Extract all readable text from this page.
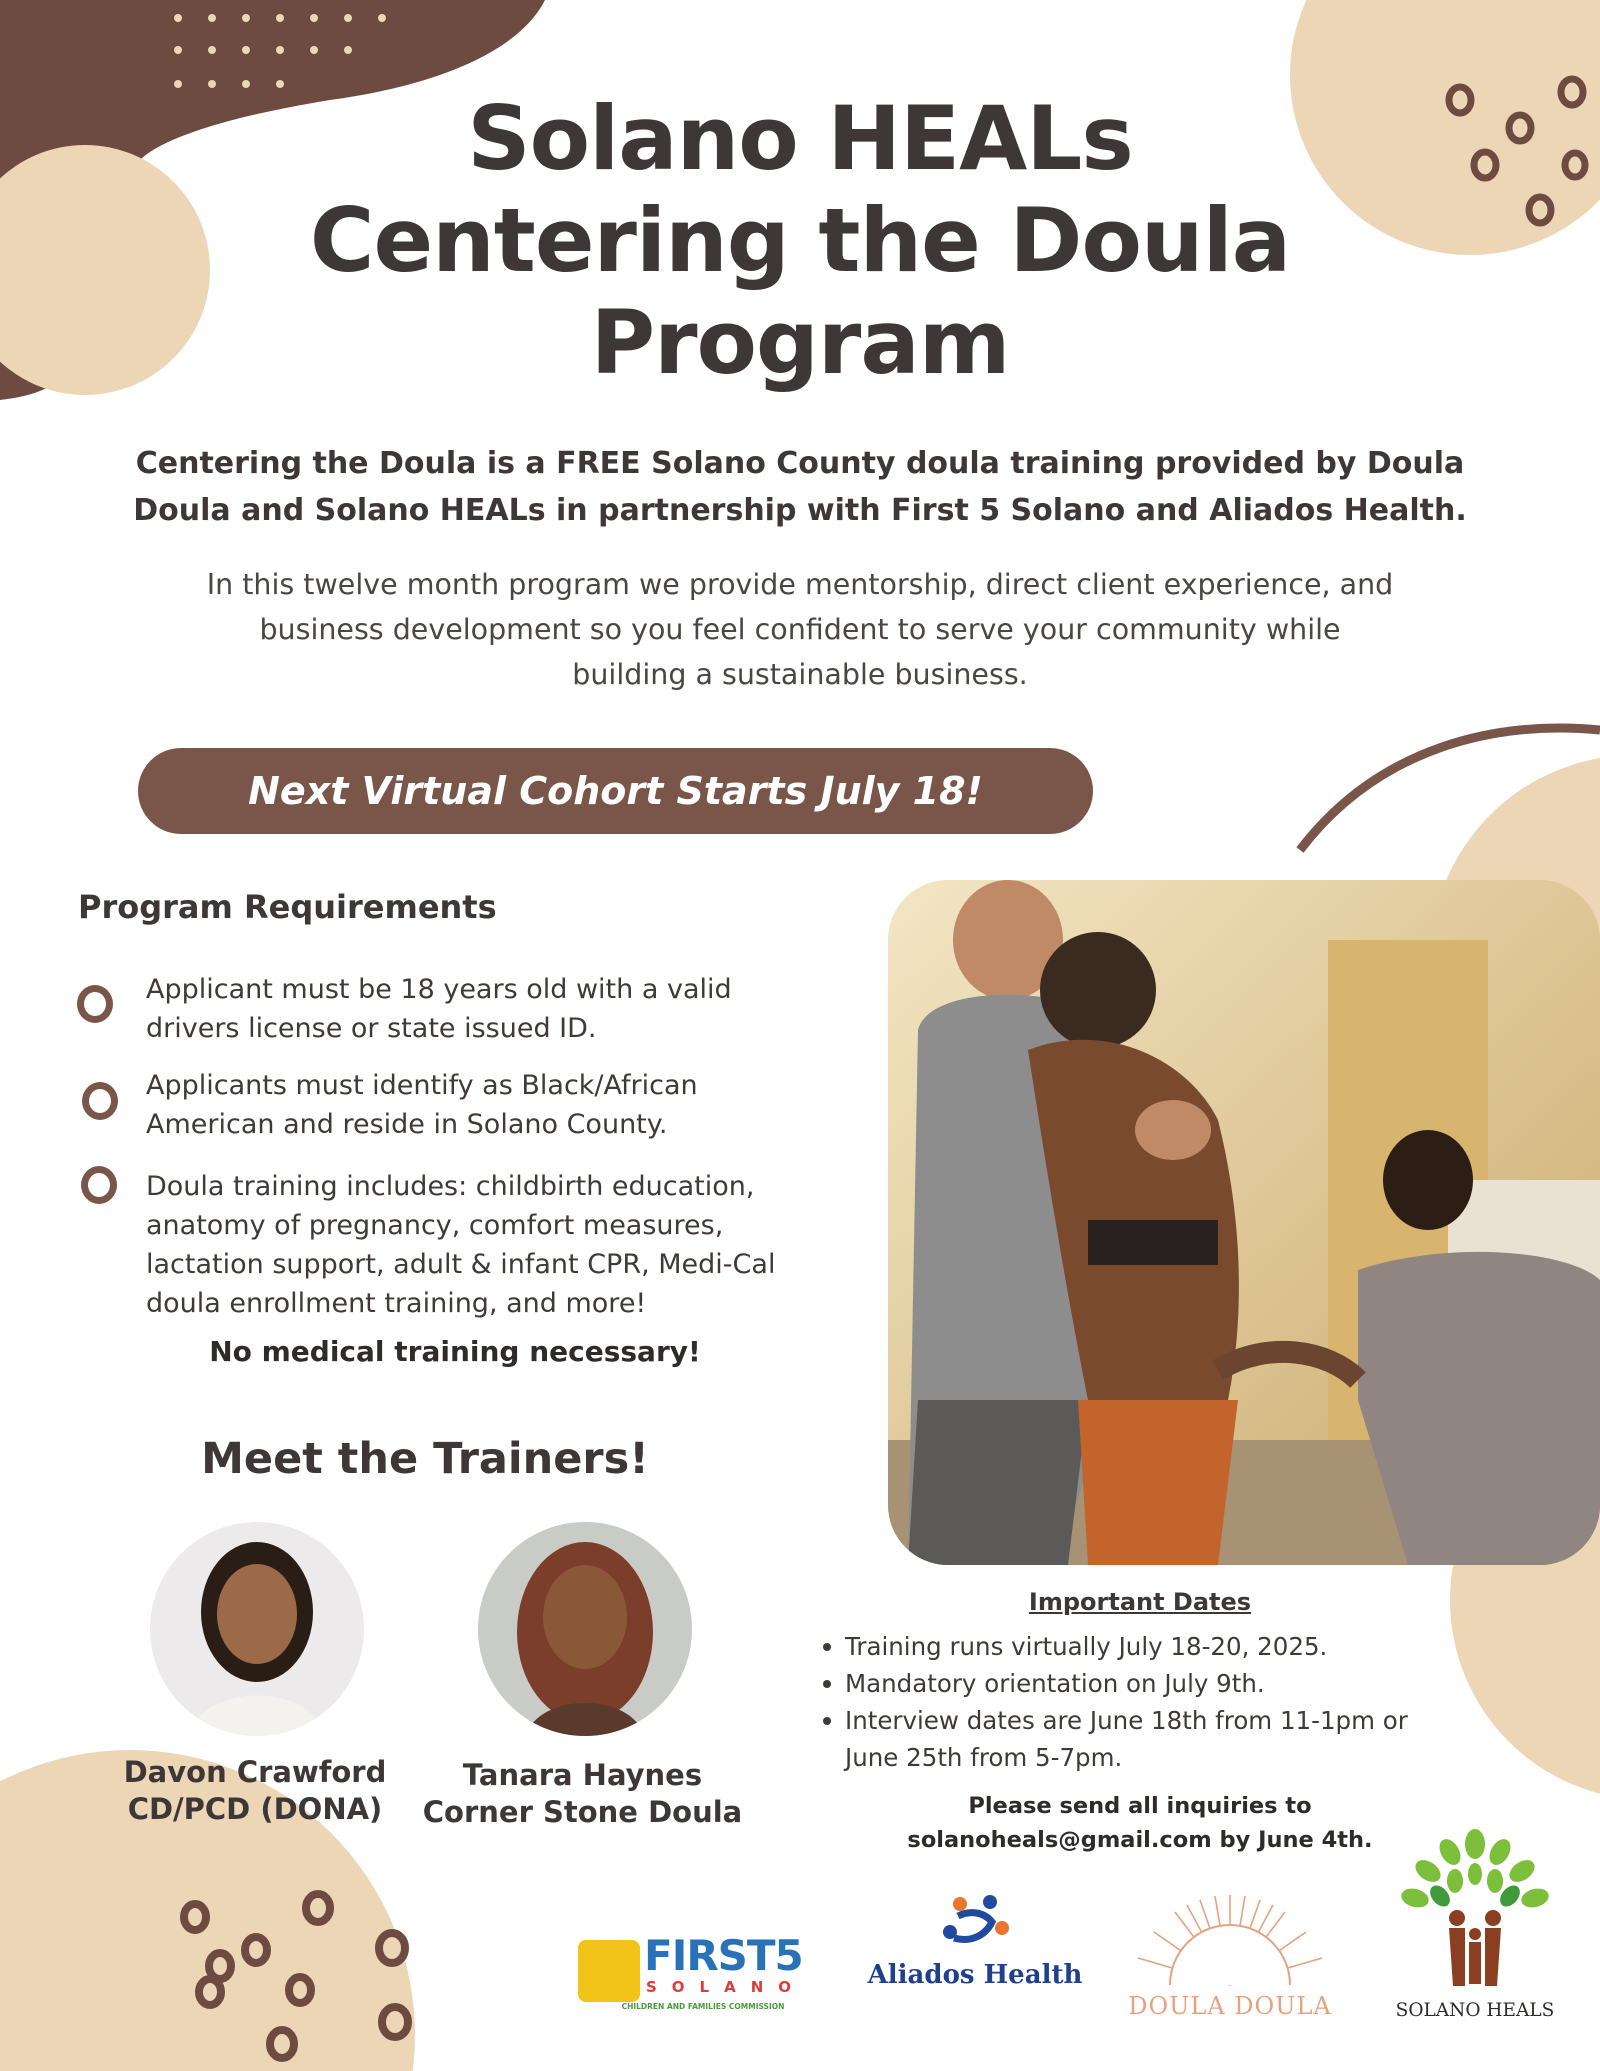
Solano HEALs
Centering the Doula
Program
Centering the Doula is a FREE Solano County doula training provided by Doula
Doula and Solano HEALs in partnership with First 5 Solano and Aliados Health.
In this twelve month program we provide mentorship, direct client experience, and
business development so you feel confident to serve your community while
building a sustainable business.
Next Virtual Cohort Starts July 18!
Program Requirements
Applicant must be 18 years old with a valid
drivers license or state issued ID.
Applicants must identify as Black/African
American and reside in Solano County.
Doula training includes: childbirth education,
anatomy of pregnancy, comfort measures,
lactation support, adult & infant CPR, Medi-Cal
doula enrollment training, and more!
No medical training necessary!
Meet the Trainers!
Davon Crawford
CD/PCD (DONA)
Tanara Haynes
Corner Stone Doula
Important Dates
Training runs virtually July 18-20, 2025.
Mandatory orientation on July 9th.
Interview dates are June 18th from 11-1pm or
June 25th from 5-7pm.
Please send all inquiries to
solanoheals@gmail.com by June 4th.
FIRST5
SOLANO
CHILDREN AND FAMILIES COMMISSION
Aliados Health
DOULA DOULA	SOLANO HEALS
